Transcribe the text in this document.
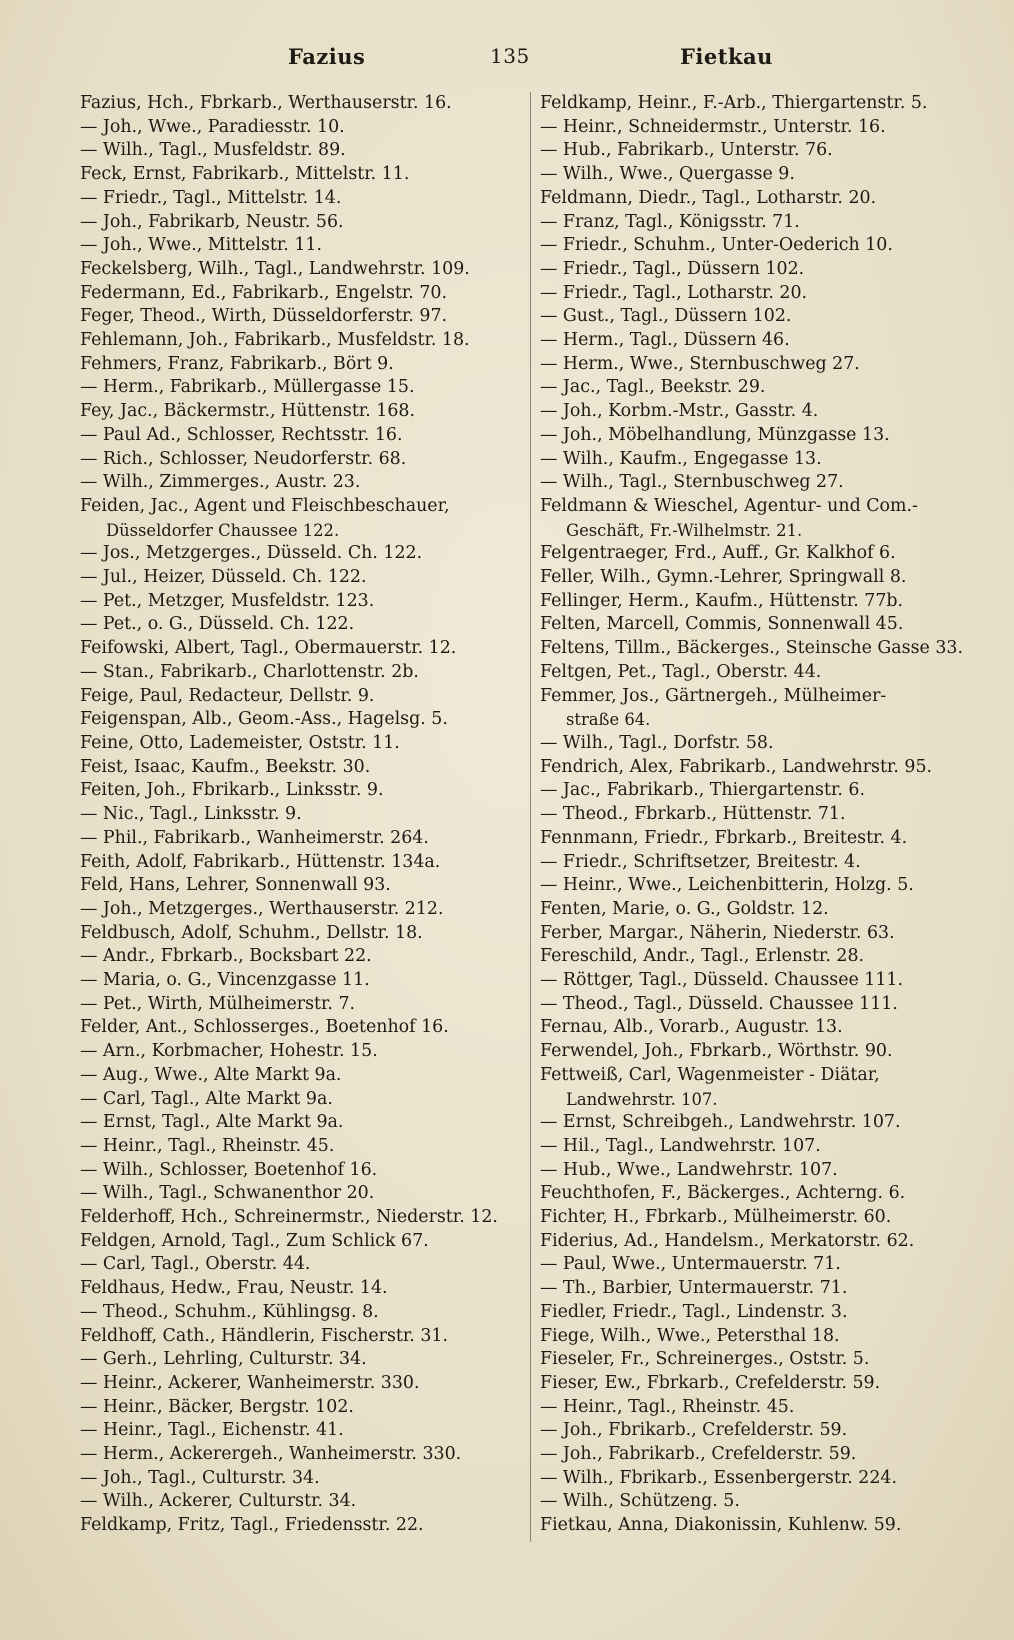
Fazius	135	Fietkau
Fazius, Hch., Fbrkarb., Werthauserstr. 16.
— Joh., Wwe., Paradiesstr. 10.
— Wilh., Tagl., Musfeldstr. 89.
Feck, Ernst, Fabrikarb., Mittelstr. 11.
— Friedr., Tagl., Mittelstr. 14.
— Joh., Fabrikarb, Neustr. 56.
— Joh., Wwe., Mittelstr. 11.
Feckelsberg, Wilh., Tagl., Landwehrstr. 109.
Federmann, Ed., Fabrikarb., Engelstr. 70.
Feger, Theod., Wirth, Düsseldorferstr. 97.
Fehlemann, Joh., Fabrikarb., Musfeldstr. 18.
Fehmers, Franz, Fabrikarb., Bört 9.
— Herm., Fabrikarb., Müllergasse 15.
Fey, Jac., Bäckermstr., Hüttenstr. 168.
— Paul Ad., Schlosser, Rechtsstr. 16.
— Rich., Schlosser, Neudorferstr. 68.
— Wilh., Zimmerges., Austr. 23.
Feiden, Jac., Agent und Fleischbeschauer,
Düsseldorfer Chaussee 122.
— Jos., Metzgerges., Düsseld. Ch. 122.
— Jul., Heizer, Düsseld. Ch. 122.
— Pet., Metzger, Musfeldstr. 123.
— Pet., o. G., Düsseld. Ch. 122.
Feifowski, Albert, Tagl., Obermauerstr. 12.
— Stan., Fabrikarb., Charlottenstr. 2b.
Feige, Paul, Redacteur, Dellstr. 9.
Feigenspan, Alb., Geom.-Ass., Hagelsg. 5.
Feine, Otto, Lademeister, Oststr. 11.
Feist, Isaac, Kaufm., Beekstr. 30.
Feiten, Joh., Fbrikarb., Linksstr. 9.
— Nic., Tagl., Linksstr. 9.
— Phil., Fabrikarb., Wanheimerstr. 264.
Feith, Adolf, Fabrikarb., Hüttenstr. 134a.
Feld, Hans, Lehrer, Sonnenwall 93.
— Joh., Metzgerges., Werthauserstr. 212.
Feldbusch, Adolf, Schuhm., Dellstr. 18.
— Andr., Fbrkarb., Bocksbart 22.
— Maria, o. G., Vincenzgasse 11.
— Pet., Wirth, Mülheimerstr. 7.
Felder, Ant., Schlosserges., Boetenhof 16.
— Arn., Korbmacher, Hohestr. 15.
— Aug., Wwe., Alte Markt 9a.
— Carl, Tagl., Alte Markt 9a.
— Ernst, Tagl., Alte Markt 9a.
— Heinr., Tagl., Rheinstr. 45.
— Wilh., Schlosser, Boetenhof 16.
— Wilh., Tagl., Schwanenthor 20.
Felderhoff, Hch., Schreinermstr., Niederstr. 12.
Feldgen, Arnold, Tagl., Zum Schlick 67.
— Carl, Tagl., Oberstr. 44.
Feldhaus, Hedw., Frau, Neustr. 14.
— Theod., Schuhm., Kühlingsg. 8.
Feldhoff, Cath., Händlerin, Fischerstr. 31.
— Gerh., Lehrling, Culturstr. 34.
— Heinr., Ackerer, Wanheimerstr. 330.
— Heinr., Bäcker, Bergstr. 102.
— Heinr., Tagl., Eichenstr. 41.
— Herm., Ackerergeh., Wanheimerstr. 330.
— Joh., Tagl., Culturstr. 34.
— Wilh., Ackerer, Culturstr. 34.
Feldkamp, Fritz, Tagl., Friedensstr. 22.
Feldkamp, Heinr., F.-Arb., Thiergartenstr. 5.
— Heinr., Schneidermstr., Unterstr. 16.
— Hub., Fabrikarb., Unterstr. 76.
— Wilh., Wwe., Quergasse 9.
Feldmann, Diedr., Tagl., Lotharstr. 20.
— Franz, Tagl., Königsstr. 71.
— Friedr., Schuhm., Unter-Oederich 10.
— Friedr., Tagl., Düssern 102.
— Friedr., Tagl., Lotharstr. 20.
— Gust., Tagl., Düssern 102.
— Herm., Tagl., Düssern 46.
— Herm., Wwe., Sternbuschweg 27.
— Jac., Tagl., Beekstr. 29.
— Joh., Korbm.-Mstr., Gasstr. 4.
— Joh., Möbelhandlung, Münzgasse 13.
— Wilh., Kaufm., Engegasse 13.
— Wilh., Tagl., Sternbuschweg 27.
Feldmann & Wieschel, Agentur- und Com.-
Geschäft, Fr.-Wilhelmstr. 21.
Felgentraeger, Frd., Auff., Gr. Kalkhof 6.
Feller, Wilh., Gymn.-Lehrer, Springwall 8.
Fellinger, Herm., Kaufm., Hüttenstr. 77b.
Felten, Marcell, Commis, Sonnenwall 45.
Feltens, Tillm., Bäckerges., Steinsche Gasse 33.
Feltgen, Pet., Tagl., Oberstr. 44.
Femmer, Jos., Gärtnergeh., Mülheimer-
straße 64.
— Wilh., Tagl., Dorfstr. 58.
Fendrich, Alex, Fabrikarb., Landwehrstr. 95.
— Jac., Fabrikarb., Thiergartenstr. 6.
— Theod., Fbrkarb., Hüttenstr. 71.
Fennmann, Friedr., Fbrkarb., Breitestr. 4.
— Friedr., Schriftsetzer, Breitestr. 4.
— Heinr., Wwe., Leichenbitterin, Holzg. 5.
Fenten, Marie, o. G., Goldstr. 12.
Ferber, Margar., Näherin, Niederstr. 63.
Fereschild, Andr., Tagl., Erlenstr. 28.
— Röttger, Tagl., Düsseld. Chaussee 111.
— Theod., Tagl., Düsseld. Chaussee 111.
Fernau, Alb., Vorarb., Augustr. 13.
Ferwendel, Joh., Fbrkarb., Wörthstr. 90.
Fettweiß, Carl, Wagenmeister - Diätar,
Landwehrstr. 107.
— Ernst, Schreibgeh., Landwehrstr. 107.
— Hil., Tagl., Landwehrstr. 107.
— Hub., Wwe., Landwehrstr. 107.
Feuchthofen, F., Bäckerges., Achterng. 6.
Fichter, H., Fbrkarb., Mülheimerstr. 60.
Fiderius, Ad., Handelsm., Merkatorstr. 62.
— Paul, Wwe., Untermauerstr. 71.
— Th., Barbier, Untermauerstr. 71.
Fiedler, Friedr., Tagl., Lindenstr. 3.
Fiege, Wilh., Wwe., Petersthal 18.
Fieseler, Fr., Schreinerges., Oststr. 5.
Fieser, Ew., Fbrkarb., Crefelderstr. 59.
— Heinr., Tagl., Rheinstr. 45.
— Joh., Fbrikarb., Crefelderstr. 59.
— Joh., Fabrikarb., Crefelderstr. 59.
— Wilh., Fbrikarb., Essenbergerstr. 224.
— Wilh., Schützeng. 5.
Fietkau, Anna, Diakonissin, Kuhlenw. 59.
